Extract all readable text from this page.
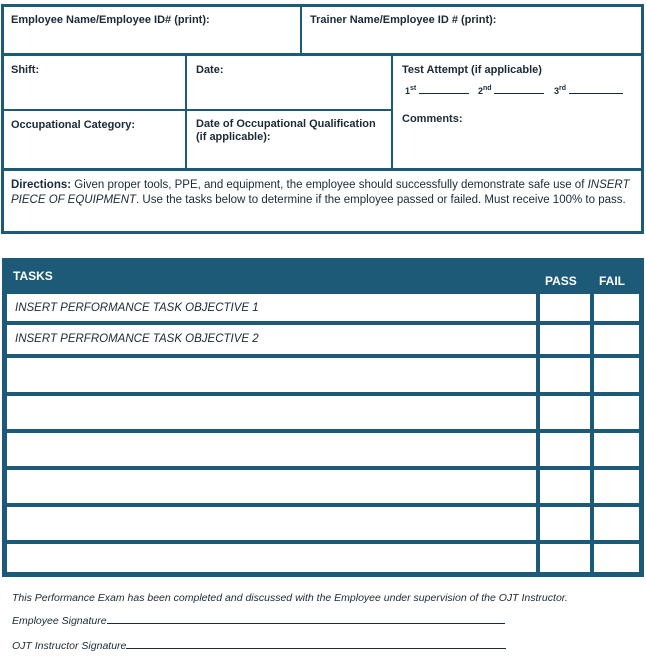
Employee Name/Employee ID# (print):	Trainer Name/Employee ID # (print):
Shift:	Date:	Test Attempt (if applicable)
1st	2nd	3rd
Occupational Category:	Date of Occupational Qualification (if applicable):
Comments:
Directions: Given proper tools, PPE, and equipment, the employee should successfully demonstrate safe use of INSERT PIECE OF EQUIPMENT. Use the tasks below to determine if the employee passed or failed. Must receive 100% to pass.
TASKS	PASS FAIL
INSERT PERFORMANCE TASK OBJECTIVE 1
INSERT PERFROMANCE TASK OBJECTIVE 2
This Performance Exam has been completed and discussed with the Employee under supervision of the OJT Instructor.
Employee Signature
OJT Instructor Signature
